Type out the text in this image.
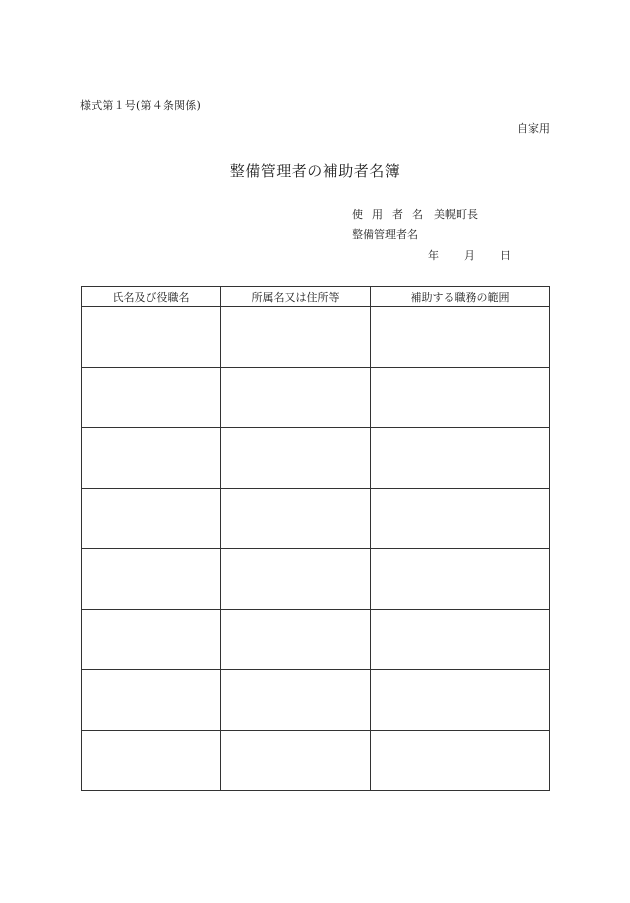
様式第１号(第４条関係)
自家用
整備管理者の補助者名簿
使用者名 美幌町長
整備管理者名
年 月 日
氏名及び役職名	所属名又は住所等	補助する職務の範囲
